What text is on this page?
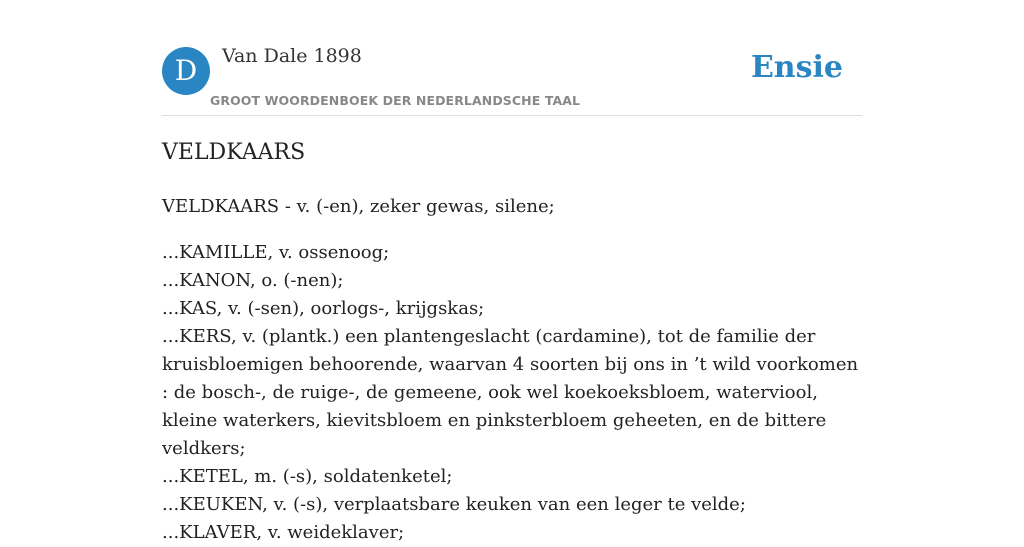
D	Van Dale 1898
GROOT WOORDENBOEK DER NEDERLANDSCHE TAAL
Ensie
VELDKAARS
VELDKAARS - v. (-en), zeker gewas, silene;
...KAMILLE, v. ossenoog;
...KANON, o. (-nen);
...KAS, v. (-sen), oorlogs-, krijgskas;
...KERS, v. (plantk.) een plantengeslacht (cardamine), tot de familie der kruisbloemigen behoorende, waarvan 4 soorten bij ons in ’t wild voorkomen : de bosch-, de ruige-, de gemeene, ook wel koekoeksbloem, waterviool, kleine waterkers, kievitsbloem en pinksterbloem geheeten, en de bittere veldkers;
...KETEL, m. (-s), soldatenketel;
...KEUKEN, v. (-s), verplaatsbare keuken van een leger te velde;
...KLAVER, v. weideklaver;
